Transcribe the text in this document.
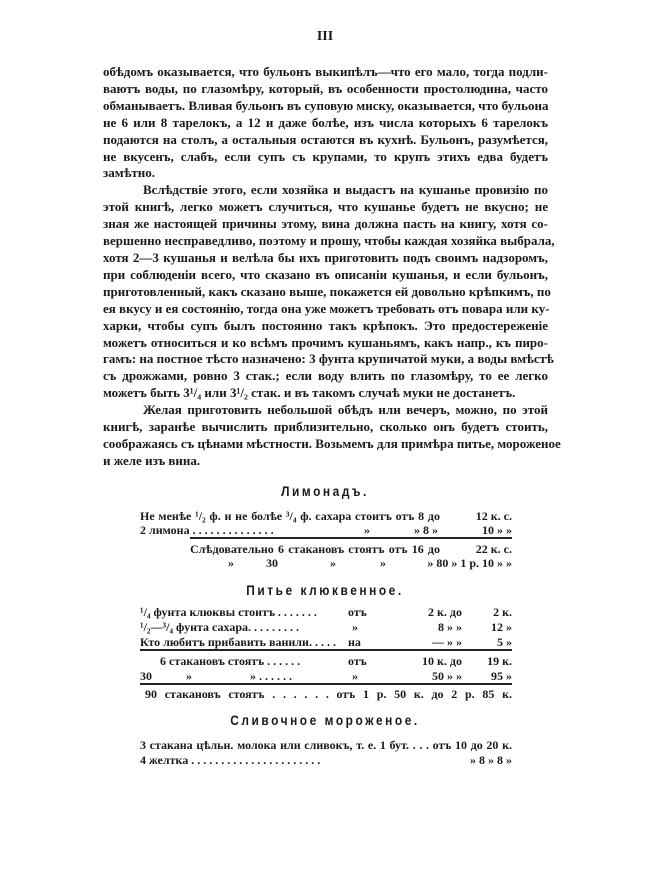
III
обѣдомъ оказывается, что бульонъ выкипѣлъ—что его мало, тогда подли-
ваютъ воды, по глазомѣру, который, въ особенности простолюдина, часто
обманываетъ. Вливая бульонъ въ суповую миску, оказывается, что бульона
не 6 или 8 тарелокъ, а 12 и даже болѣе, изъ числа которыхъ 6 тарелокъ
подаются на столъ, а остальныя остаются въ кухнѣ. Бульонъ, разумѣется,
не вкусенъ, слабъ, если супъ съ крупами, то крупъ этихъ едва будетъ
замѣтно.
Вслѣдствіе этого, если хозяйка и выдастъ на кушанье провизію по
этой книгѣ, легко можетъ случиться, что кушанье будетъ не вкусно; не
зная же настоящей причины этому, вина должна пасть на книгу, хотя со-
вершенно несправедливо, поэтому и прошу, чтобы каждая хозяйка выбрала,
хотя 2—3 кушанья и велѣла бы ихъ приготовить подъ своимъ надзоромъ,
при соблюденіи всего, что сказано въ описаніи кушанья, и если бульонъ,
приготовленный, какъ сказано выше, покажется ей довольно крѣпкимъ, по
ея вкусу и ея состоянію, тогда она уже можетъ требовать отъ повара или ку-
харки, чтобы супъ былъ постоянно такъ крѣпокъ. Это предостереженіе
можетъ относиться и ко всѣмъ прочимъ кушаньямъ, какъ напр., къ пиро-
гамъ: на постное тѣсто назначено: 3 фунта крупичатой муки, а воды вмѣстѣ
съ дрожжами, ровно 3 стак.; если воду влить по глазомѣру, то ее легко
можетъ быть 3¹/₄ или 3¹/₂ стак. и въ такомъ случаѣ муки не достанетъ.
Желая приготовить небольшой обѣдъ или вечеръ, можно, по этой
книгѣ, заранѣе вычислить приблизительно, сколько онъ будетъ стоить,
соображаясь съ цѣнами мѣстности. Возьмемъ для примѣра питье, мороженое
и желе изъ вина.
Лимонадъ.
Не менѣе ¹/₂ ф. и не болѣе ³/₄ ф. сахара стоитъ отъ 8 до	12 к. с.
2 лимона . . . . . . . . . . . . . .	»	» 8 »	10 » »
Слѣдовательно 6 стакановъ стоятъ отъ 16 до	22 к. с.
»	30	»	»	» 80 » 1 р. 10 » »
Питье клюквенное.
¹/₄ фунта клюквы стоитъ . . . . . . .	отъ	2 к. до	2 к.
¹/₂—³/₄ фунта сахара. . . . . . . . .	»	8 » »	12 »
Кто любитъ прибавить ванили. . . . . на	— » »	5 »
6 стакановъ стоятъ . . . . . .	отъ	10 к. до	19 к.
30	»	» . . . . . .	»	50 » »	95 »
90 стакановъ стоятъ . . . . . . отъ 1 р. 50 к. до 2 р. 85 к.
Сливочное мороженое.
3 стакана цѣльн. молока или сливокъ, т. е. 1 бут. . . . отъ 10 до 20 к.
4 желтка . . . . . . . . . . . . . . . . . . . . . .	» 8 » 8 »
